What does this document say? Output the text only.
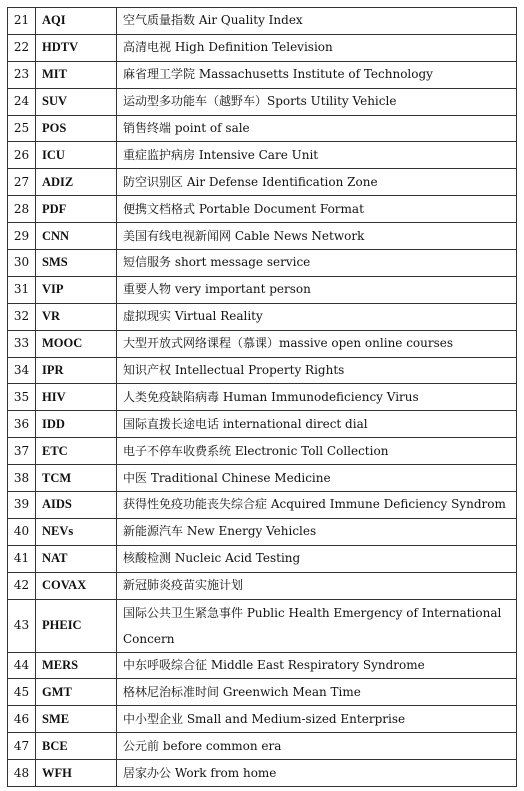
21	AQI	空气质量指数 Air Quality Index
22	HDTV	高清电视 High Definition Television
23	MIT	麻省理工学院 Massachusetts Institute of Technology
24	SUV	运动型多功能车（越野车）Sports Utility Vehicle
25	POS	销售终端 point of sale
26	ICU	重症监护病房 Intensive Care Unit
27	ADIZ	防空识别区 Air Defense Identification Zone
28	PDF	便携文档格式 Portable Document Format
29	CNN	美国有线电视新闻网 Cable News Network
30	SMS	短信服务 short message service
31	VIP	重要人物 very important person
32	VR	虚拟现实 Virtual Reality
33	MOOC	大型开放式网络课程（慕课）massive open online courses
34	IPR	知识产权 Intellectual Property Rights
35	HIV	人类免疫缺陷病毒 Human Immunodeficiency Virus
36	IDD	国际直拨长途电话 international direct dial
37	ETC	电子不停车收费系统 Electronic Toll Collection
38	TCM	中医 Traditional Chinese Medicine
39	AIDS	获得性免疫功能丧失综合症 Acquired Immune Deficiency Syndrom
40	NEVs	新能源汽车 New Energy Vehicles
41	NAT	核酸检测 Nucleic Acid Testing
42	COVAX	新冠肺炎疫苗实施计划
43	PHEIC	国际公共卫生紧急事件 Public Health Emergency of International Concern
44	MERS	中东呼吸综合征 Middle East Respiratory Syndrome
45	GMT	格林尼治标准时间 Greenwich Mean Time
46	SME	中小型企业 Small and Medium-sized Enterprise
47	BCE	公元前 before common era
48	WFH	居家办公 Work from home
